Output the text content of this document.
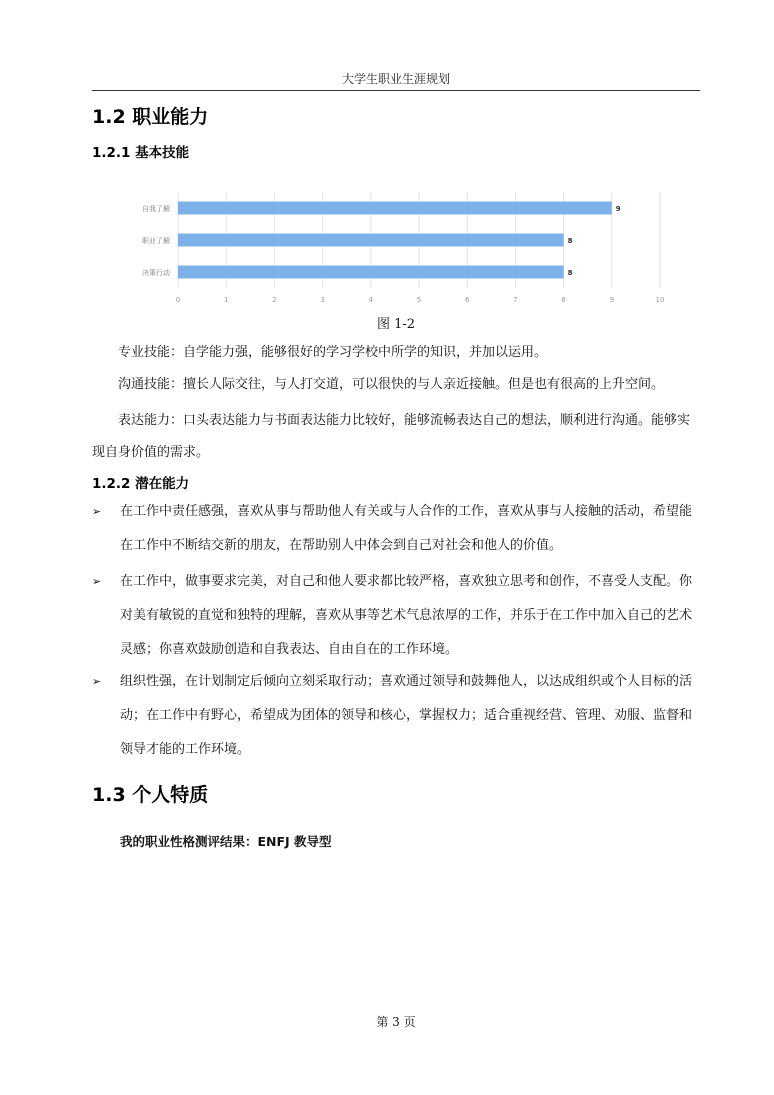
大学生职业生涯规划
1.2 职业能力
1.2.1 基本技能
0	1	2	3	4	5	6	7	8	9	10
自我了解	9
职业了解	8
决策行动	8
图 1-2

专业技能：自学能力强，能够很好的学习学校中所学的知识，并加以运用。

沟通技能：擅长人际交往，与人打交道，可以很快的与人亲近接触。但是也有很高的上升空间。

表达能力：口头表达能力与书面表达能力比较好，能够流畅表达自己的想法，顺利进行沟通。能够实现自身价值的需求。

1.2.2 潜在能力
➢ 在工作中责任感强，喜欢从事与帮助他人有关或与人合作的工作，喜欢从事与人接触的活动，希望能在工作中不断结交新的朋友，在帮助别人中体会到自己对社会和他人的价值。
➢ 在工作中，做事要求完美，对自己和他人要求都比较严格，喜欢独立思考和创作，不喜受人支配。你对美有敏锐的直觉和独特的理解，喜欢从事等艺术气息浓厚的工作，并乐于在工作中加入自己的艺术灵感；你喜欢鼓励创造和自我表达、自由自在的工作环境。
➢ 组织性强，在计划制定后倾向立刻采取行动；喜欢通过领导和鼓舞他人，以达成组织或个人目标的活动；在工作中有野心，希望成为团体的领导和核心，掌握权力；适合重视经营、管理、劝服、监督和领导才能的工作环境。
1.3 个人特质
我的职业性格测评结果：ENFJ 教导型
第 3 页
